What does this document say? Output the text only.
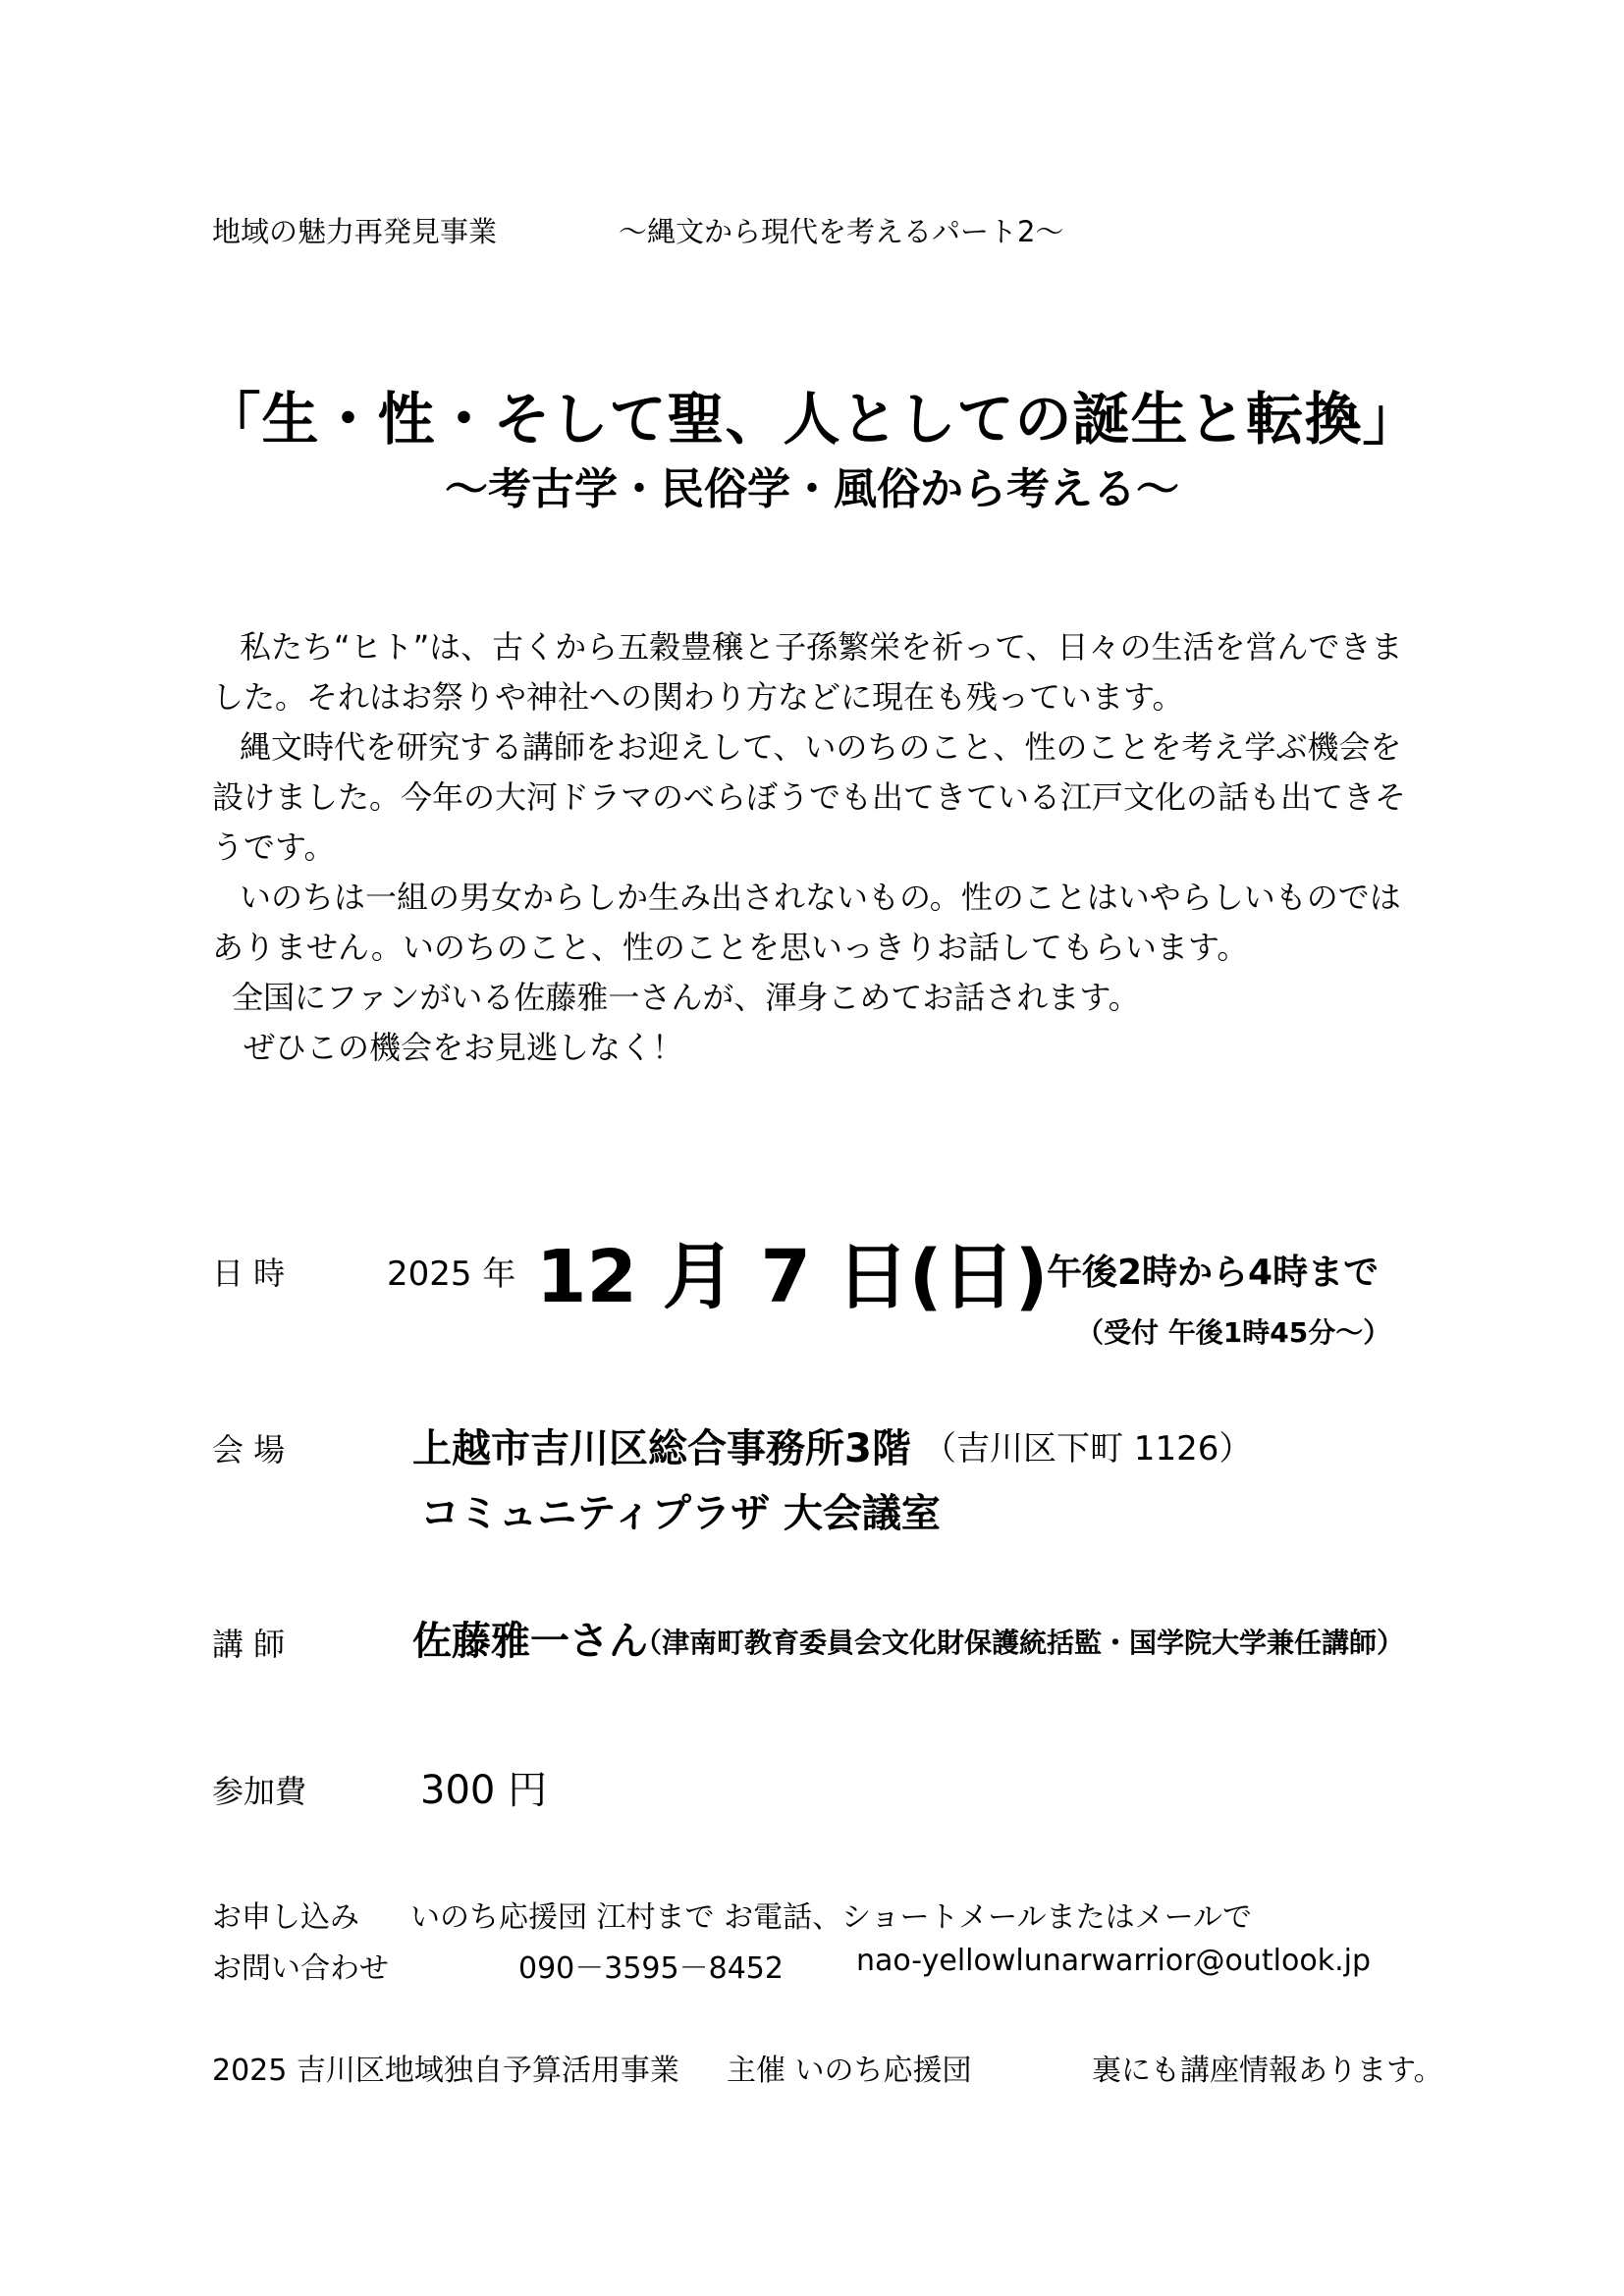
地域の魅力再発見事業	～縄文から現代を考えるパート2～
「生・性・そして聖、人としての誕生と転換」
～考古学・民俗学・風俗から考える～
私たち“ヒト”は、古くから五穀豊穣と子孫繁栄を祈って、日々の生活を営んできま
した。それはお祭りや神社への関わり方などに現在も残っています。
縄文時代を研究する講師をお迎えして、いのちのこと、性のことを考え学ぶ機会を
設けました。今年の大河ドラマのべらぼうでも出てきている江戸文化の話も出てきそ
うです。
いのちは一組の男女からしか生み出されないもの。性のことはいやらしいものでは
ありません。いのちのこと、性のことを思いっきりお話してもらいます。
全国にファンがいる佐藤雅一さんが、渾身こめてお話されます。
ぜひこの機会をお見逃しなく！
日 時	2025 年 12 月 7 日(日)
午後2時から4時まで
（受付 午後1時45分～）
会 場	上越市吉川区総合事務所3階 （吉川区下町 1126）
コミュニティプラザ 大会議室
講 師	佐藤雅一さん
（津南町教育委員会文化財保護統括監・国学院大学兼任講師）
参加費	300 円
お申し込み いのち応援団 江村まで お電話、ショートメールまたはメールで
お問い合わせ	090－3595－8452 nao-yellowlunarwarrior@outlook.jp
2025 吉川区地域独自予算活用事業 主催 いのち応援団	裏にも講座情報あります。
